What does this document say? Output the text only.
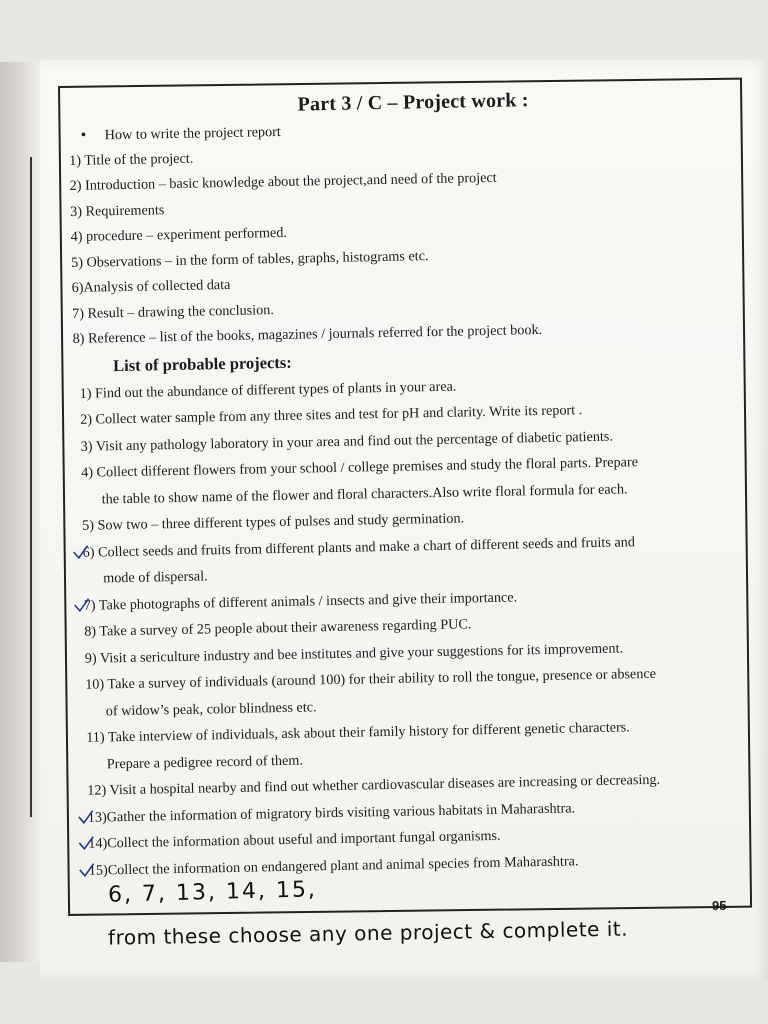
Part 3 / C – Project work :
• How to write the project report
1) Title of the project.
2) Introduction – basic knowledge about the project,and need of the project
3) Requirements
4) procedure – experiment performed.
5) Observations – in the form of tables, graphs, histograms etc.
6)Analysis of collected data
7) Result – drawing the conclusion.
8) Reference – list of the books, magazines / journals referred for the project book.
List of probable projects:
1) Find out the abundance of different types of plants in your area.
2) Collect water sample from any three sites and test for pH and clarity. Write its report .
3) Visit any pathology laboratory in your area and find out the percentage of diabetic patients.
4) Collect different flowers from your school / college premises and study the floral parts. Prepare
the table to show name of the flower and floral characters.Also write floral formula for each.
5) Sow two – three different types of pulses and study germination.
6) Collect seeds and fruits from different plants and make a chart of different seeds and fruits and
mode of dispersal.
7) Take photographs of different animals / insects and give their importance.
8) Take a survey of 25 people about their awareness regarding PUC.
9) Visit a sericulture industry and bee institutes and give your suggestions for its improvement.
10) Take a survey of individuals (around 100) for their ability to roll the tongue, presence or absence
of widow’s peak, color blindness etc.
11) Take interview of individuals, ask about their family history for different genetic characters.
Prepare a pedigree record of them.
12) Visit a hospital nearby and find out whether cardiovascular diseases are increasing or decreasing.
13)Gather the information of migratory birds visiting various habitats in Maharashtra.
14)Collect the information about useful and important fungal organisms.
15)Collect the information on endangered plant and animal species from Maharashtra.
6, 7, 13, 14, 15,	95
from these choose any one project & complete it.
